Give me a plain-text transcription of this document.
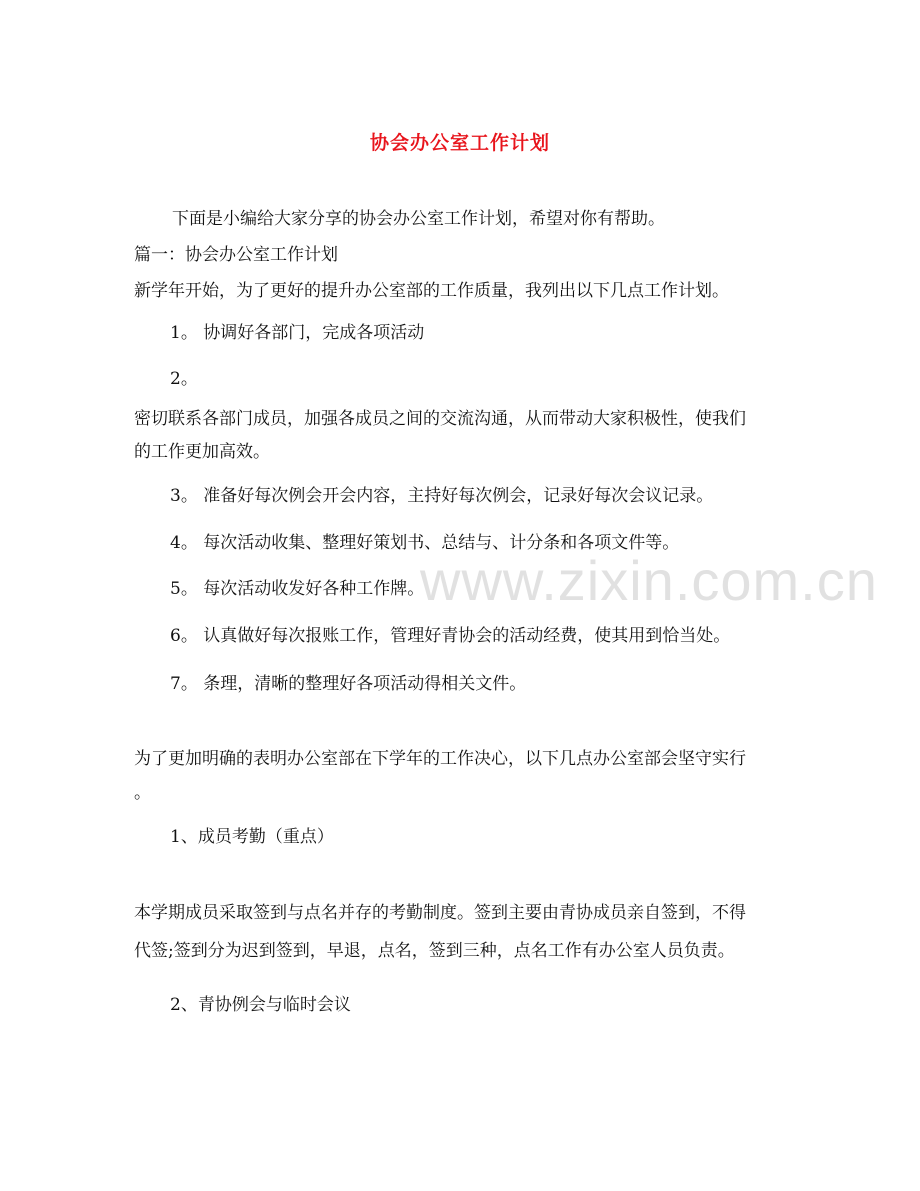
协会办公室工作计划
下面是小编给大家分享的协会办公室工作计划，希望对你有帮助。
篇一：协会办公室工作计划
新学年开始，为了更好的提升办公室部的工作质量，我列出以下几点工作计划。
1。 协调好各部门，完成各项活动
2。
密切联系各部门成员，加强各成员之间的交流沟通，从而带动大家积极性，使我们
的工作更加高效。
3。 准备好每次例会开会内容，主持好每次例会，记录好每次会议记录。
4。 每次活动收集、整理好策划书、总结与、计分条和各项文件等。
5。 每次活动收发好各种工作牌。
6。 认真做好每次报账工作，管理好青协会的活动经费，使其用到恰当处。
7。 条理，清晰的整理好各项活动得相关文件。
为了更加明确的表明办公室部在下学年的工作决心，以下几点办公室部会坚守实行
。
1、成员考勤（重点）
本学期成员采取签到与点名并存的考勤制度。签到主要由青协成员亲自签到，不得
代签;签到分为迟到签到，早退，点名，签到三种，点名工作有办公室人员负责。
2、青协例会与临时会议
www.zixin.com.cn
